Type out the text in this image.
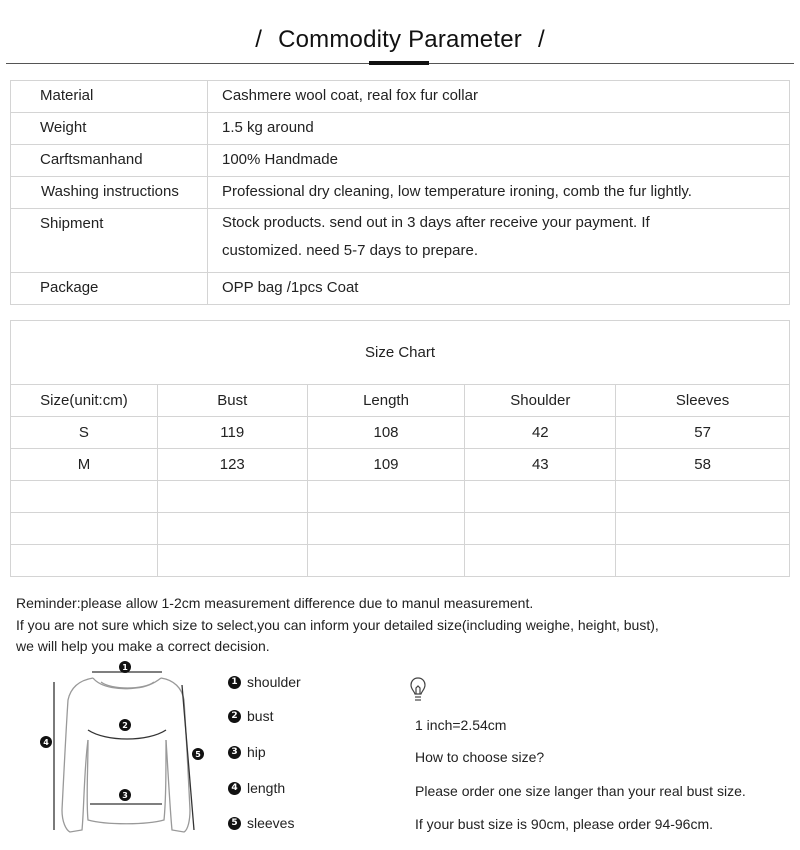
/ Commodity Parameter /
Material	Cashmere wool coat, real fox fur collar
Weight	1.5 kg around
Carftsmanhand	100% Handmade
Washing instructions	Professional dry cleaning, low temperature ironing, comb the fur lightly.
Shipment	Stock products. send out in 3 days after receive your payment. If
customized. need 5-7 days to prepare.

Package	OPP bag /1pcs Coat
Size Chart				
Size(unit:cm)	Bust	Length	Shoulder	Sleeves
S	119	108	42	57
M	123	109	43	58

Reminder:please allow 1-2cm measurement difference due to manul measurement.
If you are not sure which size to select,you can inform your detailed size(including weighe, height, bust),
we will help you make a correct decision.
1
2
3
4
5
1 shoulder
2 bust
3 hip
4 length
5 sleeves
1 inch=2.54cm
How to choose size?
Please order one size langer than your real bust size.
If your bust size is 90cm, please order 94-96cm.
